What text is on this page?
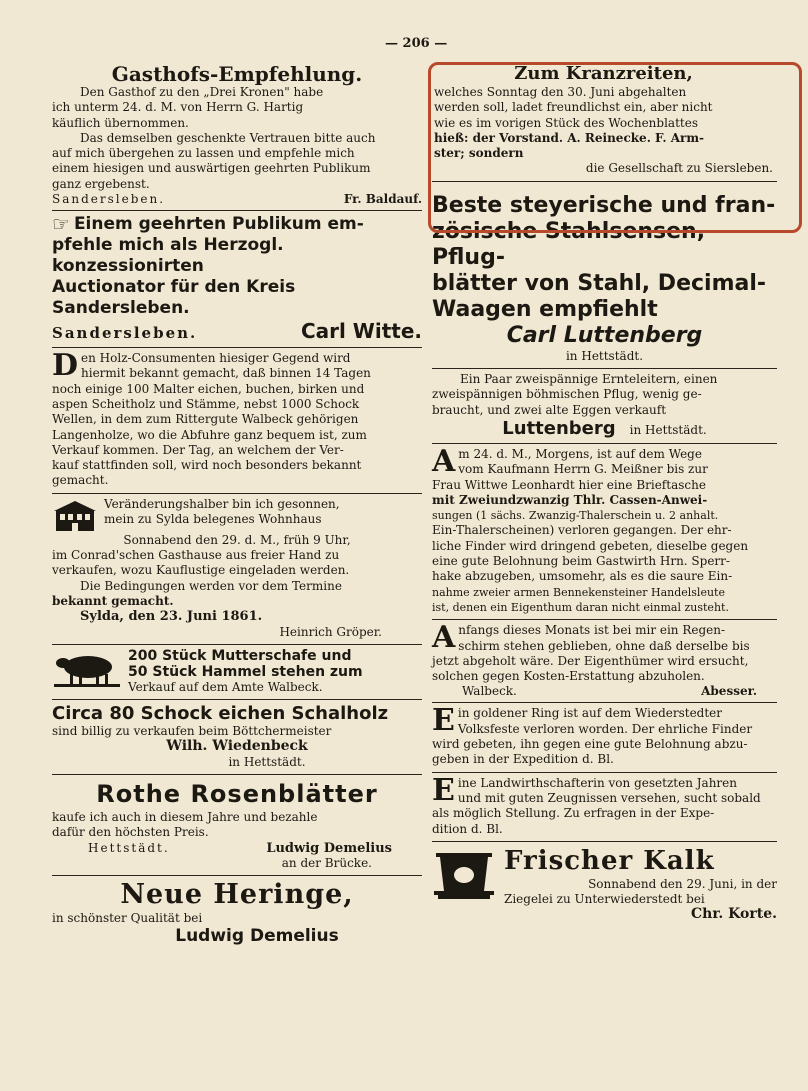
— 206 —

Gasthofs-Empfehlung.

Den Gasthof zu den „Drei Kronen" habe

ich unterm 24. d. M. von Herrn G. Hartig

käuflich übernommen.

Das demselben geschenkte Vertrauen bitte auch

auf mich übergehen zu lassen und empfehle mich

einem hiesigen und auswärtigen geehrten Publikum

ganz ergebenst.

Sandersleben.	Fr. Baldauf.

☞ Einem geehrten Publikum em-

pfehle mich als Herzogl. konzessionirten

Auctionator für den Kreis Sandersleben.

Sandersleben.	Carl Witte.
D en Holz-Consumenten hiesiger Gegend wird

hiermit bekannt gemacht, daß binnen 14 Tagen

noch einige 100 Malter eichen, buchen, birken und

aspen Scheitholz und Stämme, nebst 1000 Schock

Wellen, in dem zum Rittergute Walbeck gehörigen

Langenholze, wo die Abfuhre ganz bequem ist, zum

Verkauf kommen. Der Tag, an welchem der Ver-

kauf stattfinden soll, wird noch besonders bekannt

gemacht.

Veränderungshalber bin ich gesonnen,

mein zu Sylda belegenes Wohnhaus

Sonnabend den 29. d. M., früh 9 Uhr,

im Conrad'schen Gasthause aus freier Hand zu

verkaufen, wozu Kauflustige eingeladen werden.

Die Bedingungen werden vor dem Termine

bekannt gemacht.

Sylda, den 23. Juni 1861.

Heinrich Gröper.

200 Stück Mutterschafe und

50 Stück Hammel stehen zum

Verkauf auf dem Amte Walbeck.

Circa 80 Schock eichen Schalholz

sind billig zu verkaufen beim Böttchermeister

Wilh. Wiedenbeck

in Hettstädt.

Rothe Rosenblätter

kaufe ich auch in diesem Jahre und bezahle

dafür den höchsten Preis.

Hettstädt.	Ludwig Demelius

an der Brücke.

Neue Heringe,

in schönster Qualität bei

Ludwig Demelius

Zum Kranzreiten,

welches Sonntag den 30. Juni abgehalten

werden soll, ladet freundlichst ein, aber nicht

wie es im vorigen Stück des Wochenblattes

hieß: der Vorstand. A. Reinecke. F. Arm-

ster; sondern

die Gesellschaft zu Siersleben.

Beste steyerische und fran-

zösische Stahlsensen, Pflug-

blätter von Stahl, Decimal-

Waagen empfiehlt

Carl Luttenberg

in Hettstädt.

Ein Paar zweispännige Ernteleitern, einen

zweispännigen böhmischen Pflug, wenig ge-

braucht, und zwei alte Eggen verkauft

Luttenberg in Hettstädt.
A m 24. d. M., Morgens, ist auf dem Wege

vom Kaufmann Herrn G. Meißner bis zur

Frau Wittwe Leonhardt hier eine Brieftasche

mit Zweiundzwanzig Thlr. Cassen-Anwei-

sungen (1 sächs. Zwanzig-Thalerschein u. 2 anhalt.

Ein-Thalerscheinen) verloren gegangen. Der ehr-

liche Finder wird dringend gebeten, dieselbe gegen

eine gute Belohnung beim Gastwirth Hrn. Sperr-

hake abzugeben, umsomehr, als es die saure Ein-

nahme zweier armen Bennekensteiner Handelsleute

ist, denen ein Eigenthum daran nicht einmal zusteht.

A nfangs dieses Monats ist bei mir ein Regen-

schirm stehen geblieben, ohne daß derselbe bis

jetzt abgeholt wäre. Der Eigenthümer wird ersucht,

solchen gegen Kosten-Erstattung abzuholen.

Walbeck.	Abesser.
E in goldener Ring ist auf dem Wiederstedter

Volksfeste verloren worden. Der ehrliche Finder

wird gebeten, ihn gegen eine gute Belohnung abzu-

geben in der Expedition d. Bl.

E ine Landwirthschafterin von gesetzten Jahren

und mit guten Zeugnissen versehen, sucht sobald

als möglich Stellung. Zu erfragen in der Expe-

dition d. Bl.

Frischer Kalk

Sonnabend den 29. Juni, in der

Ziegelei zu Unterwiederstedt bei

Chr. Korte.
